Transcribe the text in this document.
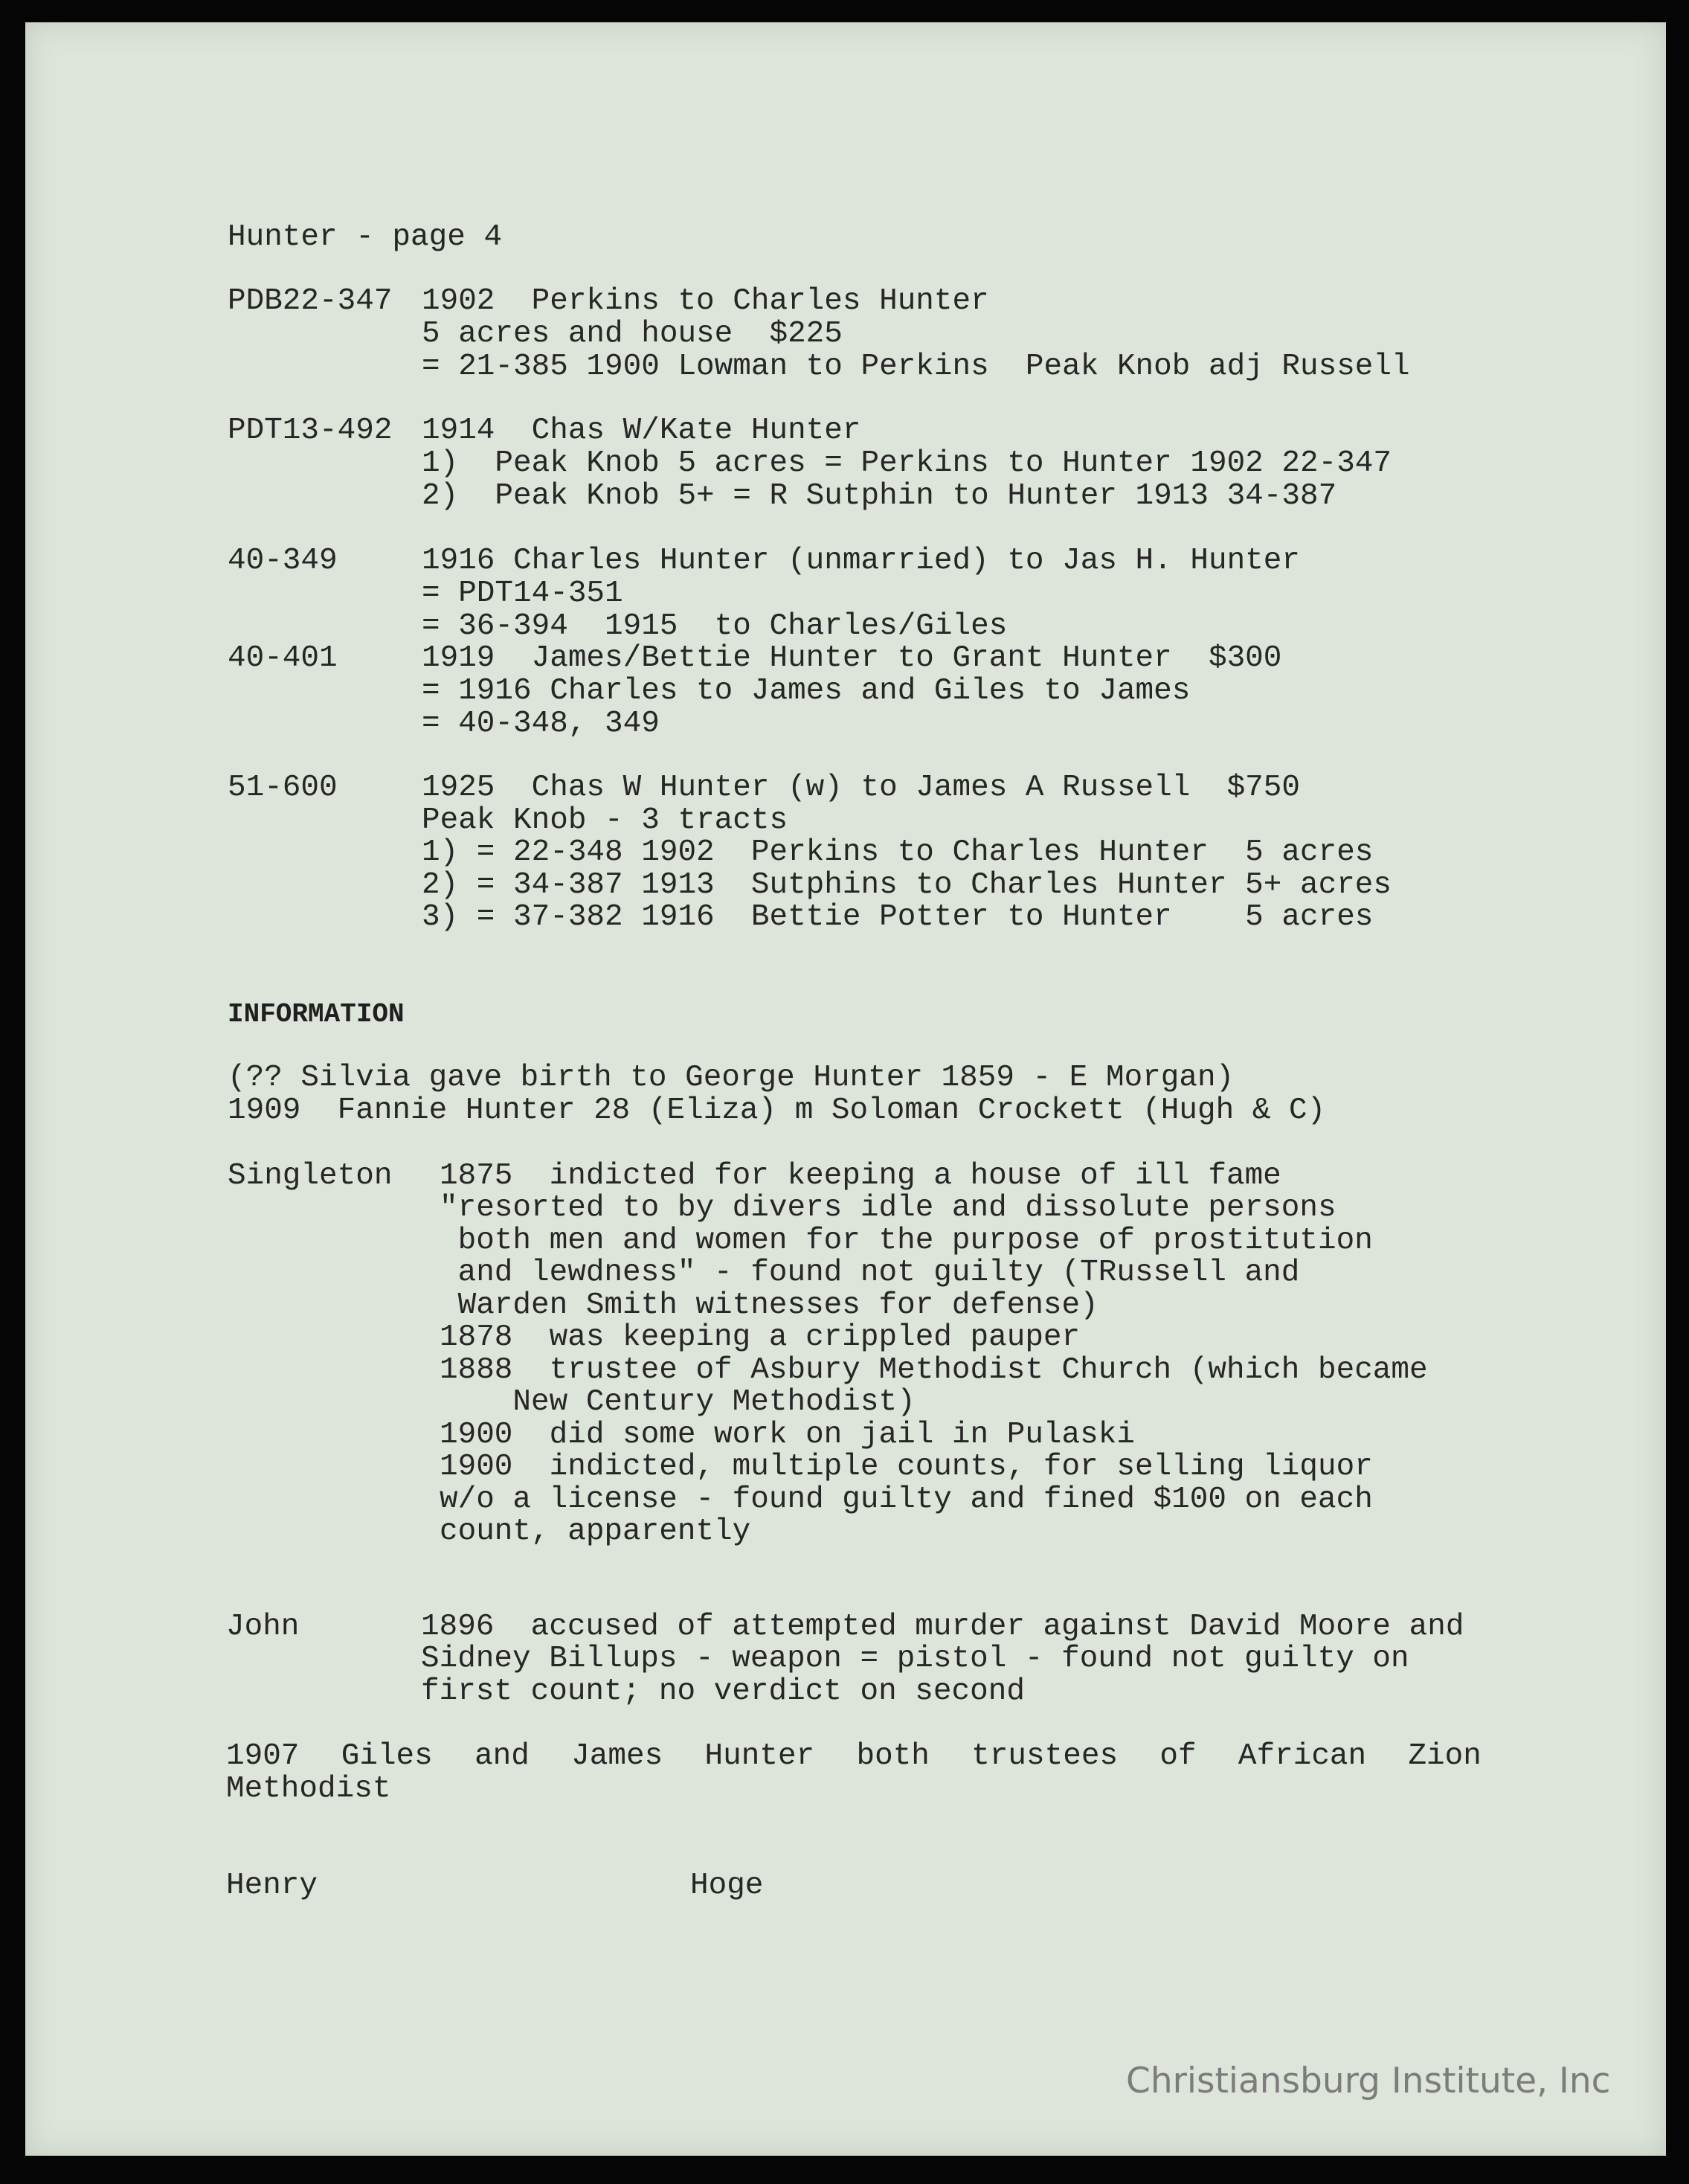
Hunter - page 4
PDB22-347 1902  Perkins to Charles Hunter
5 acres and house  $225
= 21-385 1900 Lowman to Perkins  Peak Knob adj Russell
PDT13-492 1914  Chas W/Kate Hunter
1)  Peak Knob 5 acres = Perkins to Hunter 1902 22-347
2)  Peak Knob 5+ = R Sutphin to Hunter 1913 34-387
40-349	1916 Charles Hunter (unmarried) to Jas H. Hunter
= PDT14-351
= 36-394  1915  to Charles/Giles
40-401	1919  James/Bettie Hunter to Grant Hunter  $300
= 1916 Charles to James and Giles to James
= 40-348, 349
51-600	1925  Chas W Hunter (w) to James A Russell  $750
Peak Knob - 3 tracts
1) = 22-348 1902  Perkins to Charles Hunter  5 acres
2) = 34-387 1913  Sutphins to Charles Hunter 5+ acres
3) = 37-382 1916  Bettie Potter to Hunter    5 acres
INFORMATION
(?? Silvia gave birth to George Hunter 1859 - E Morgan)
1909  Fannie Hunter 28 (Eliza) m Soloman Crockett (Hugh & C)
Singleton 1875  indicted for keeping a house of ill fame
"resorted to by divers idle and dissolute persons
both men and women for the purpose of prostitution
and lewdness" - found not guilty (TRussell and
Warden Smith witnesses for defense)
1878  was keeping a crippled pauper
1888  trustee of Asbury Methodist Church (which became
New Century Methodist)
1900  did some work on jail in Pulaski
1900  indicted, multiple counts, for selling liquor
w/o a license - found guilty and fined $100 on each
count, apparently
John	1896  accused of attempted murder against David Moore and
Sidney Billups - weapon = pistol - found not guilty on
first count; no verdict on second
1907 Giles and James Hunter both trustees of African Zion
Methodist
Henry	Hoge
Christiansburg Institute, Inc
